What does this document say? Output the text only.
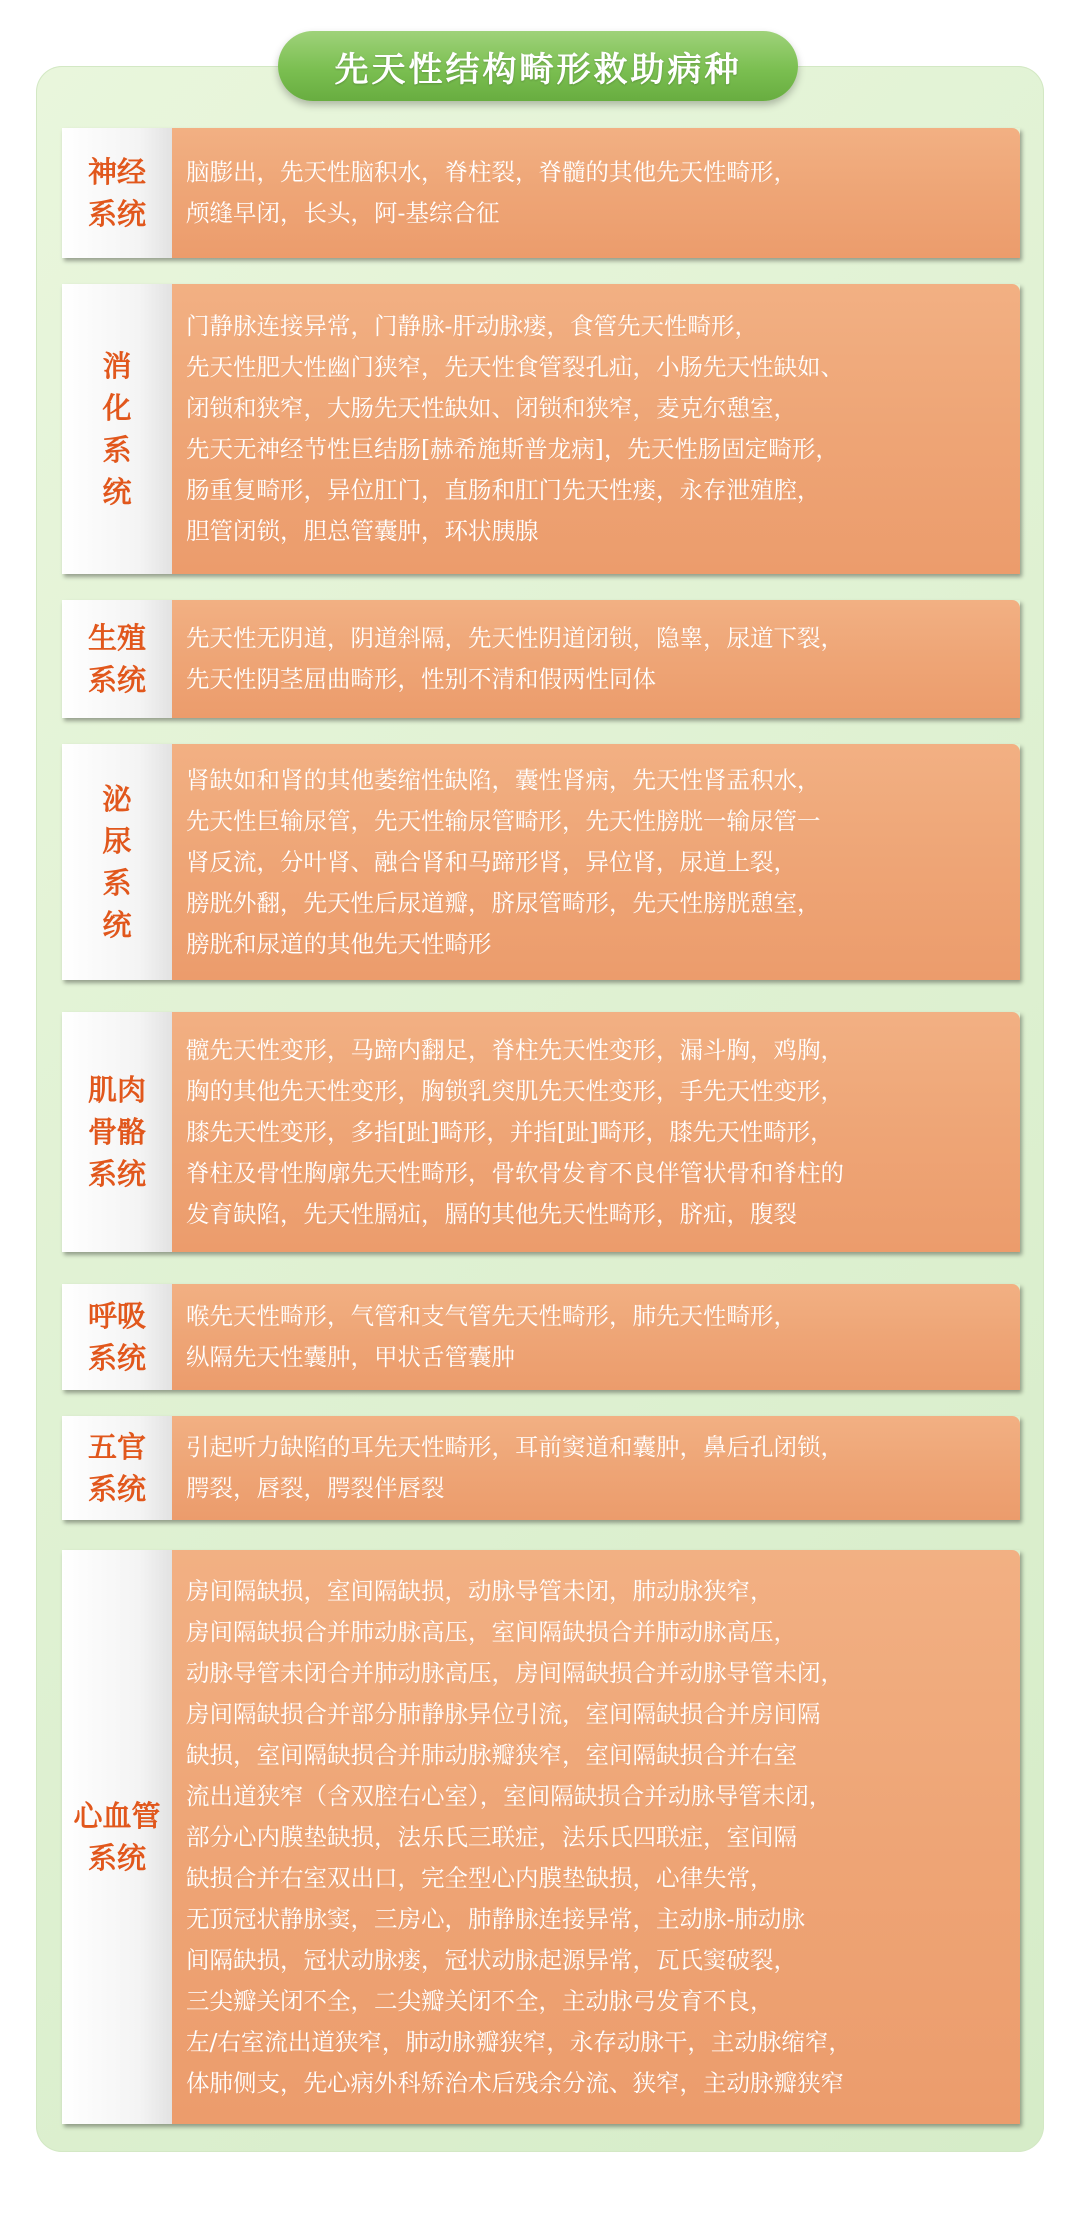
先天性结构畸形救助病种
神经
系统
脑膨出，先天性脑积水，脊柱裂，脊髓的其他先天性畸形，
颅缝早闭，长头，阿-基综合征
消
化
系
统
门静脉连接异常，门静脉-肝动脉瘘，食管先天性畸形，
先天性肥大性幽门狭窄，先天性食管裂孔疝，小肠先天性缺如、
闭锁和狭窄，大肠先天性缺如、闭锁和狭窄，麦克尔憩室，
先天无神经节性巨结肠[赫希施斯普龙病]，先天性肠固定畸形，
肠重复畸形，异位肛门，直肠和肛门先天性瘘，永存泄殖腔，
胆管闭锁，胆总管囊肿，环状胰腺
生殖
系统
先天性无阴道，阴道斜隔，先天性阴道闭锁，隐睾，尿道下裂，
先天性阴茎屈曲畸形，性别不清和假两性同体
泌
尿
系
统
肾缺如和肾的其他萎缩性缺陷，囊性肾病，先天性肾盂积水，
先天性巨输尿管，先天性输尿管畸形，先天性膀胱一输尿管一
肾反流，分叶肾、融合肾和马蹄形肾，异位肾，尿道上裂，
膀胱外翻，先天性后尿道瓣，脐尿管畸形，先天性膀胱憩室，
膀胱和尿道的其他先天性畸形
肌肉
骨骼
系统
髋先天性变形，马蹄内翻足，脊柱先天性变形，漏斗胸，鸡胸，
胸的其他先天性变形，胸锁乳突肌先天性变形，手先天性变形，
膝先天性变形，多指[趾]畸形，并指[趾]畸形，膝先天性畸形，
脊柱及骨性胸廓先天性畸形，骨软骨发育不良伴管状骨和脊柱的
发育缺陷，先天性膈疝，膈的其他先天性畸形，脐疝，腹裂
呼吸
系统
喉先天性畸形，气管和支气管先天性畸形，肺先天性畸形，
纵隔先天性囊肿，甲状舌管囊肿
五官
系统
引起听力缺陷的耳先天性畸形，耳前窦道和囊肿，鼻后孔闭锁，
腭裂，唇裂，腭裂伴唇裂
心血管
系统
房间隔缺损，室间隔缺损，动脉导管未闭，肺动脉狭窄，
房间隔缺损合并肺动脉高压，室间隔缺损合并肺动脉高压，
动脉导管未闭合并肺动脉高压，房间隔缺损合并动脉导管未闭，
房间隔缺损合并部分肺静脉异位引流，室间隔缺损合并房间隔
缺损，室间隔缺损合并肺动脉瓣狭窄，室间隔缺损合并右室
流出道狭窄（含双腔右心室），室间隔缺损合并动脉导管未闭，
部分心内膜垫缺损，法乐氏三联症，法乐氏四联症，室间隔
缺损合并右室双出口，完全型心内膜垫缺损，心律失常，
无顶冠状静脉窦，三房心，肺静脉连接异常，主动脉-肺动脉
间隔缺损，冠状动脉瘘，冠状动脉起源异常，瓦氏窦破裂，
三尖瓣关闭不全，二尖瓣关闭不全，主动脉弓发育不良，
左/右室流出道狭窄，肺动脉瓣狭窄，永存动脉干，主动脉缩窄，
体肺侧支，先心病外科矫治术后残余分流、狭窄，主动脉瓣狭窄
